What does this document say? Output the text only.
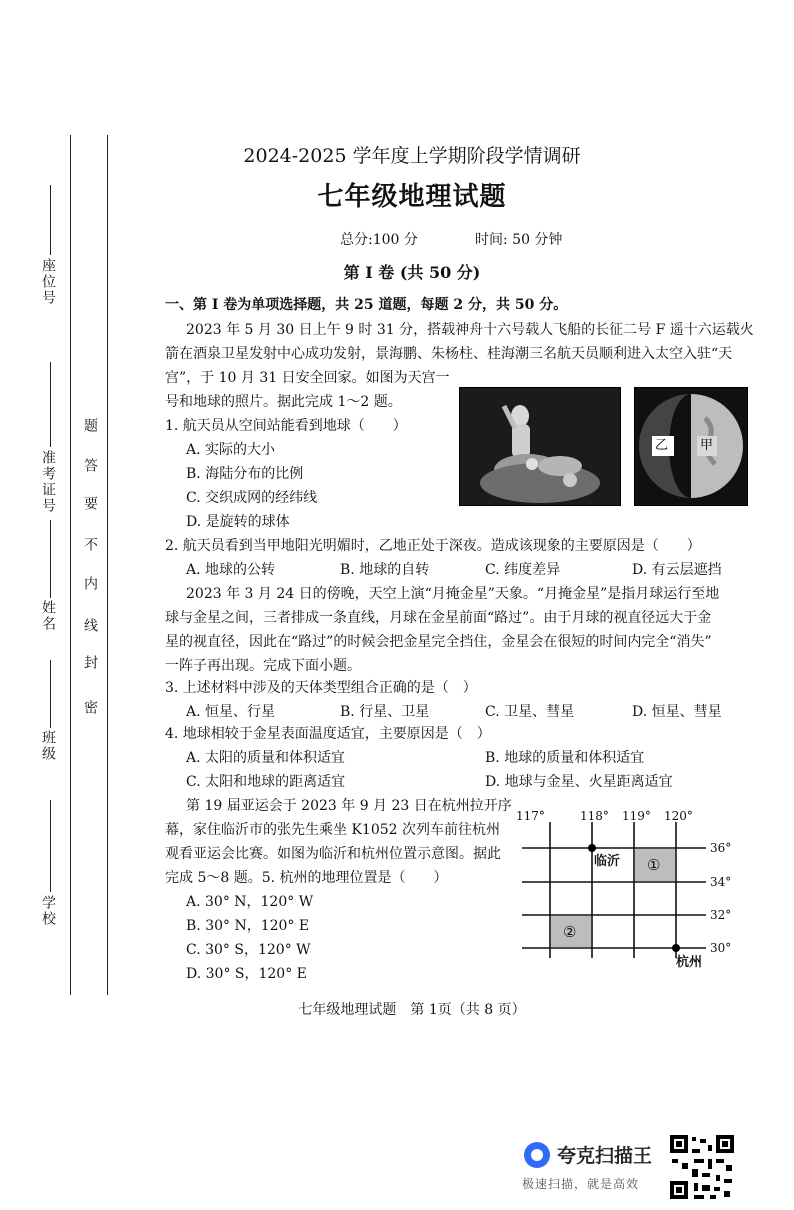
座位号
准考证号
姓名
班级
学校
密
封
线
内
不
要
答
题
2024-2025 学年度上学期阶段学情调研
七年级地理试题
总分:100 分	时间: 50 分钟
第 I 卷 (共 50 分)
一、第 I 卷为单项选择题，共 25 道题，每题 2 分，共 50 分。
2023 年 5 月 30 日上午 9 时 31 分，搭载神舟十六号载人飞船的长征二号 F 遥十六运载火
箭在酒泉卫星发射中心成功发射，景海鹏、朱杨柱、桂海潮三名航天员顺利进入太空入驻“天
宫”，于 10 月 31 日安全回家。如图为天宫一
号和地球的照片。据此完成 1～2 题。
乙 甲
1. 航天员从空间站能看到地球（　　）
A. 实际的大小
B. 海陆分布的比例
C. 交织成网的经纬线
D. 是旋转的球体
2. 航天员看到当甲地阳光明媚时，乙地正处于深夜。造成该现象的主要原因是（　　）
A. 地球的公转	B. 地球的自转	C. 纬度差异	D. 有云层遮挡
2023 年 3 月 24 日的傍晚，天空上演“月掩金星”天象。“月掩金星”是指月球运行至地
球与金星之间，三者排成一条直线，月球在金星前面“路过”。由于月球的视直径远大于金
星的视直径，因此在“路过”的时候会把金星完全挡住，金星会在很短的时间内完全“消失”
一阵子再出现。完成下面小题。
3. 上述材料中涉及的天体类型组合正确的是（　）
A. 恒星、行星	B. 行星、卫星	C. 卫星、彗星	D. 恒星、彗星
4. 地球相较于金星表面温度适宜，主要原因是（　）
A. 太阳的质量和体积适宜	B. 地球的质量和体积适宜
C. 太阳和地球的距离适宜	D. 地球与金星、火星距离适宜
第 19 届亚运会于 2023 年 9 月 23 日在杭州拉开序
幕，家住临沂市的张先生乘坐 K1052 次列车前往杭州
观看亚运会比赛。如图为临沂和杭州位置示意图。据此
完成 5～8 题。5. 杭州的地理位置是（　　）
A. 30° N，120° W
B. 30° N，120° E
C. 30° S，120° W
D. 30° S，120° E
117°	118° 119° 120°
36°
34°
32°
30°
临沂
杭州
①
②
七年级地理试题　第 1页（共 8 页）
夸克扫描王
极速扫描，就是高效
